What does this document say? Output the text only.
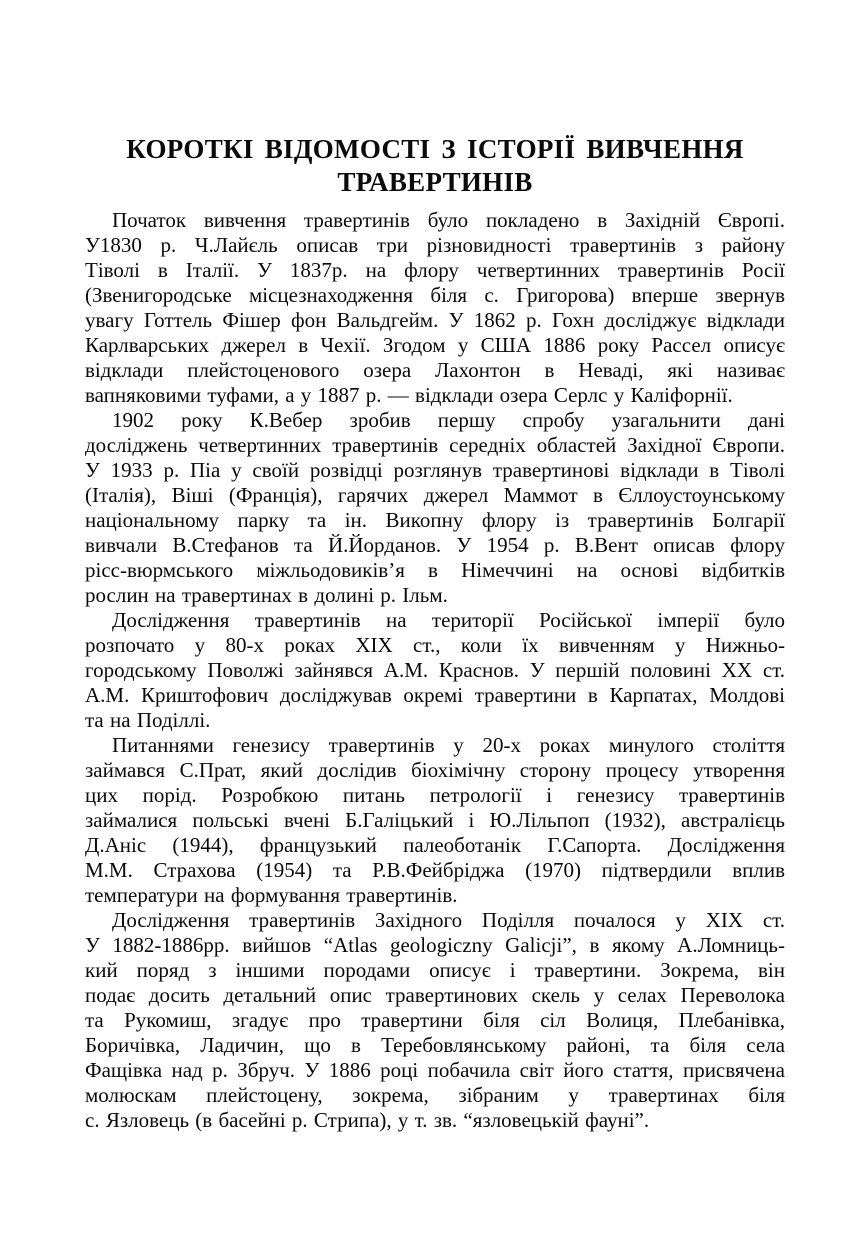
КОРОТКІ ВІДОМОСТІ З ІСТОРІЇ ВИВЧЕННЯ
ТРАВЕРТИНІВ
Початок вивчення травертинів було покладено в Західній Європі.
У1830 р. Ч.Лайєль описав три різновидності травертинів з району
Тіволі в Італії. У 1837р. на флору четвертинних травертинів Росії
(Звенигородське місцезнаходження біля с. Григорова) вперше звернув
увагу Готтель Фішер фон Вальдгейм. У 1862 р. Гохн досліджує відклади
Карлварських джерел в Чехії. Згодом у США 1886 року Рассел описує
відклади плейстоценового озера Лахонтон в Неваді, які називає
вапняковими туфами, а у 1887 р. — відклади озера Серлс у Каліфорнії.
1902 року К.Вебер зробив першу спробу узагальнити дані
досліджень четвертинних травертинів середніх областей Західної Європи.
У 1933 р. Піа у своїй розвідці розглянув травертинові відклади в Тіволі
(Італія), Віші (Франція), гарячих джерел Маммот в Єллоустоунському
національному парку та ін. Викопну флору із травертинів Болгарії
вивчали В.Стефанов та Й.Йорданов. У 1954 р. В.Вент описав флору
рісс-вюрмського міжльодовиків’я в Німеччині на основі відбитків
рослин на травертинах в долині р. Ільм.
Дослідження травертинів на території Російської імперії було
розпочато у 80-х роках XIX ст., коли їх вивченням у Нижньо-
городському Поволжі зайнявся А.М. Краснов. У першій половині XX ст.
А.М. Криштофович досліджував окремі травертини в Карпатах, Молдові
та на Поділлі.
Питаннями генезису травертинів у 20-х роках минулого століття
займався С.Прат, який дослідив біохімічну сторону процесу утворення
цих порід. Розробкою питань петрології і генезису травертинів
займалися польські вчені Б.Галіцький і Ю.Лільпоп (1932), австралієць
Д.Аніс (1944), французький палеоботанік Г.Сапорта. Дослідження
М.М. Страхова (1954) та Р.В.Фейбріджа (1970) підтвердили вплив
температури на формування травертинів.
Дослідження травертинів Західного Поділля почалося у XIX ст.
У 1882-1886рр. вийшов “Atlas geologiczny Galicji”, в якому А.Ломниць-
кий поряд з іншими породами описує і травертини. Зокрема, він
подає досить детальний опис травертинових скель у селах Переволока
та Рукомиш, згадує про травертини біля сіл Волиця, Плебанівка,
Боричівка, Ладичин, що в Теребовлянському районі, та біля села
Фащівка над р. Збруч. У 1886 році побачила світ його стаття, присвячена
молюскам плейстоцену, зокрема, зібраним у травертинах біля
с. Язловець (в басейні р. Стрипа), у т. зв. “язловецькій фауні”.
